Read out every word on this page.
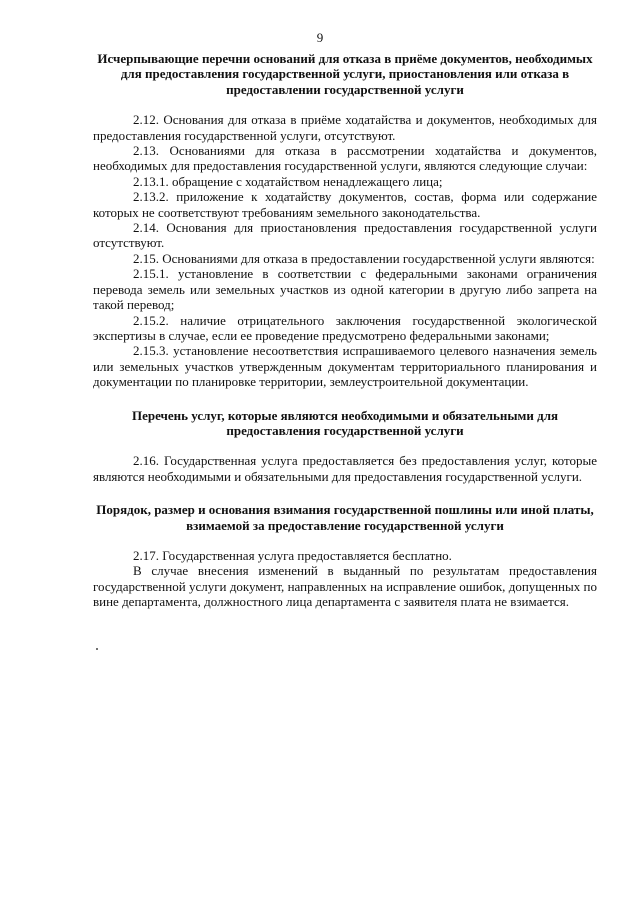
9

Исчерпывающие перечни оснований для отказа в приёме документов, необходимых для предоставления государственной услуги, приостановления или отказа в предоставлении государственной услуги

2.12. Основания для отказа в приёме ходатайства и документов, необходимых для предоставления государственной услуги, отсутствуют.

2.13. Основаниями для отказа в рассмотрении ходатайства и документов, необходимых для предоставления государственной услуги, являются следующие случаи:

2.13.1. обращение с ходатайством ненадлежащего лица;

2.13.2. приложение к ходатайству документов, состав, форма или содержание которых не соответствуют требованиям земельного законодательства.

2.14. Основания для приостановления предоставления государственной услуги отсутствуют.

2.15. Основаниями для отказа в предоставлении государственной услуги являются:

2.15.1. установление в соответствии с федеральными законами ограничения перевода земель или земельных участков из одной категории в другую либо запрета на такой перевод;

2.15.2. наличие отрицательного заключения государственной экологической экспертизы в случае, если ее проведение предусмотрено федеральными законами;

2.15.3. установление несоответствия испрашиваемого целевого назначения земель или земельных участков утвержденным документам территориального планирования и документации по планировке территории, землеустроительной документации.

Перечень услуг, которые являются необходимыми и обязательными для предоставления государственной услуги

2.16. Государственная услуга предоставляется без предоставления услуг, которые являются необходимыми и обязательными для предоставления государственной услуги.

Порядок, размер и основания взимания государственной пошлины или иной платы, взимаемой за предоставление государственной услуги

2.17. Государственная услуга предоставляется бесплатно.

В случае внесения изменений в выданный по результатам предоставления государственной услуги документ, направленных на исправление ошибок, допущенных по вине департамента, должностного лица департамента с заявителя плата не взимается.
